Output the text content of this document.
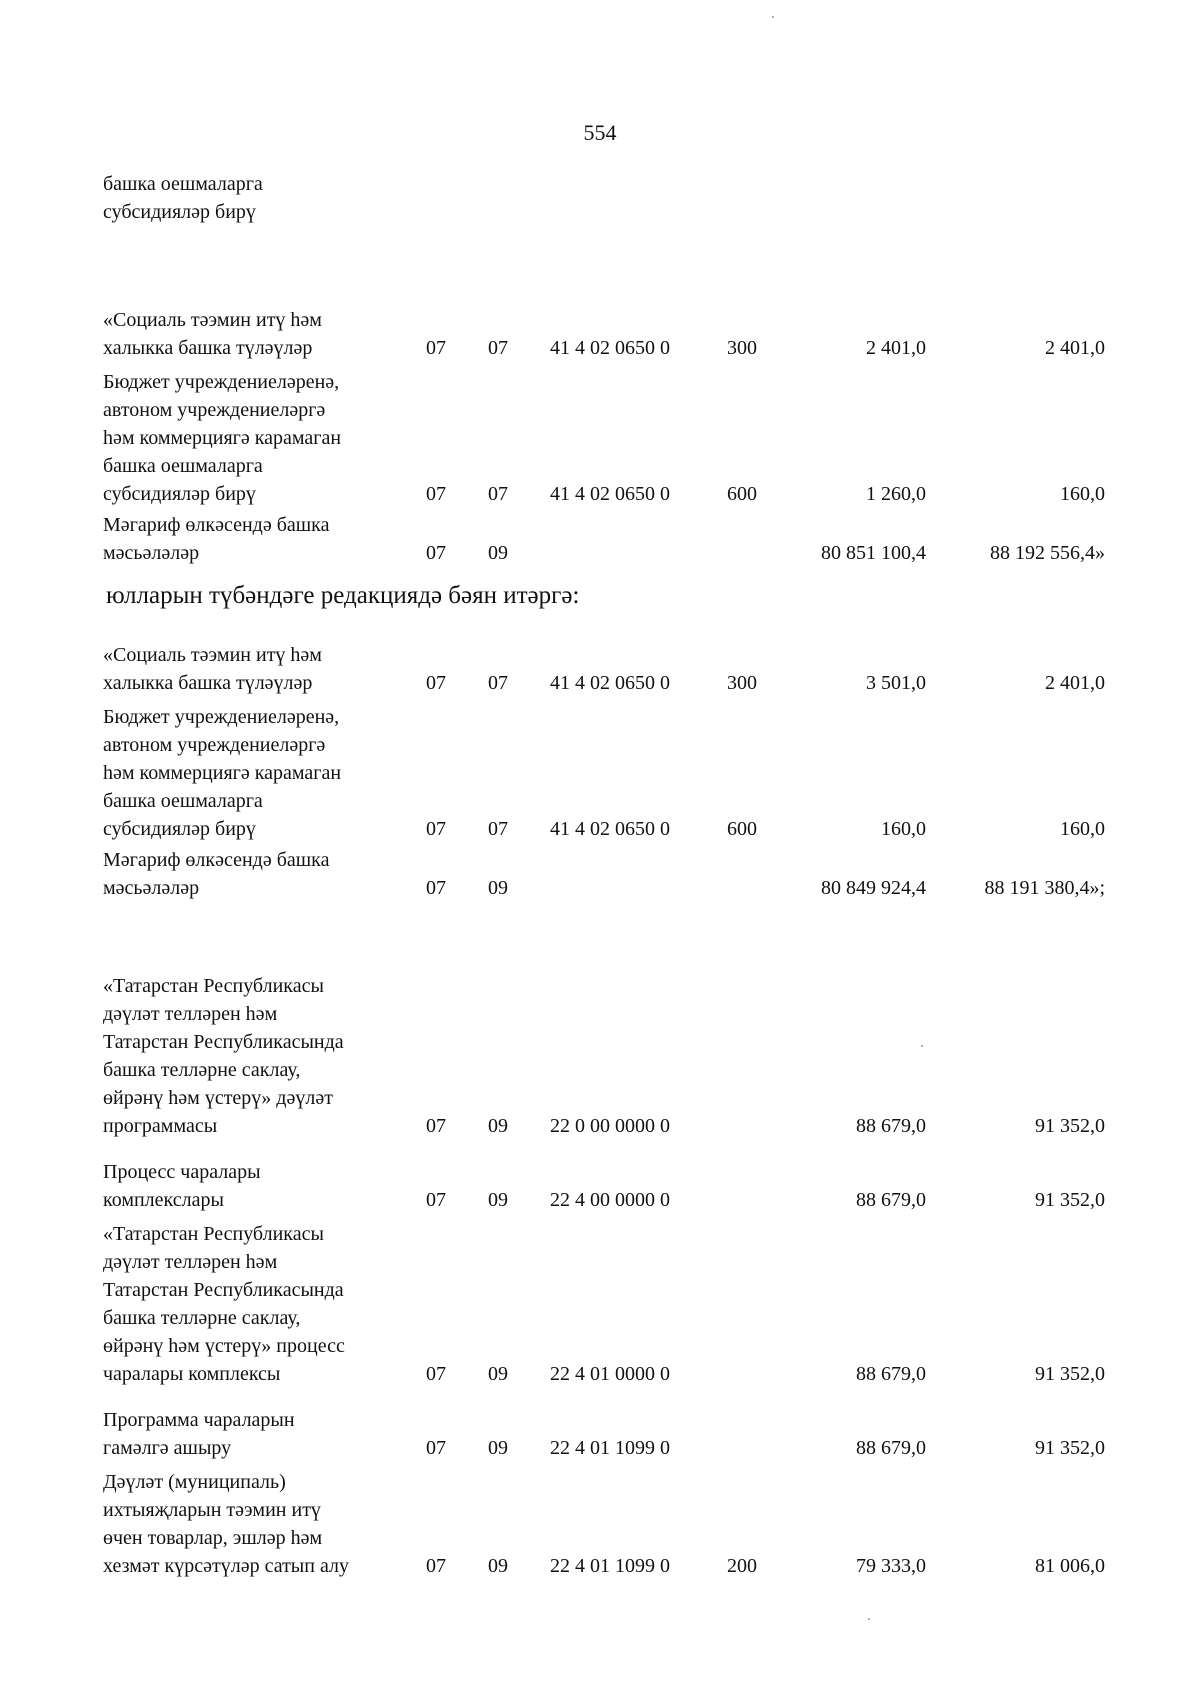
554
башка оешмаларга
субсидияләр бирү
«Социаль тәэмин итү һәм
халыкка башка түләүләр	07 07 41 4 02 0650 0	300	2 401,0	2 401,0
Бюджет учреждениеләренә,
автоном учреждениеләргә
һәм коммерциягә карамаган
башка оешмаларга
субсидияләр бирү	07 07 41 4 02 0650 0	600	1 260,0	160,0
Мәгариф өлкәсендә башка
мәсьәләләр	07 09	80 851 100,4	88 192 556,4»
«Социаль тәэмин итү һәм
халыкка башка түләүләр	07 07 41 4 02 0650 0	300	3 501,0	2 401,0
Бюджет учреждениеләренә,
автоном учреждениеләргә
һәм коммерциягә карамаган
башка оешмаларга
субсидияләр бирү	07 07 41 4 02 0650 0	600	160,0	160,0
Мәгариф өлкәсендә башка
мәсьәләләр	07 09	80 849 924,4	88 191 380,4»;
«Татарстан Республикасы
дәүләт телләрен һәм
Татарстан Республикасында
башка телләрне саклау,
өйрәнү һәм үстерү» дәүләт
программасы	07 09 22 0 00 0000 0	88 679,0	91 352,0
Процесс чаралары
комплекслары	07 09 22 4 00 0000 0	88 679,0	91 352,0
«Татарстан Республикасы
дәүләт телләрен һәм
Татарстан Республикасында
башка телләрне саклау,
өйрәнү һәм үстерү» процесс
чаралары комплексы	07 09 22 4 01 0000 0	88 679,0	91 352,0
Программа чараларын
гамәлгә ашыру	07 09 22 4 01 1099 0	88 679,0	91 352,0
Дәүләт (муниципаль)
ихтыяҗларын тәэмин итү
өчен товарлар, эшләр һәм
хезмәт күрсәтүләр сатып алу	07 09 22 4 01 1099 0	200	79 333,0	81 006,0
юлларын түбәндәге редакциядә бәян итәргә:
